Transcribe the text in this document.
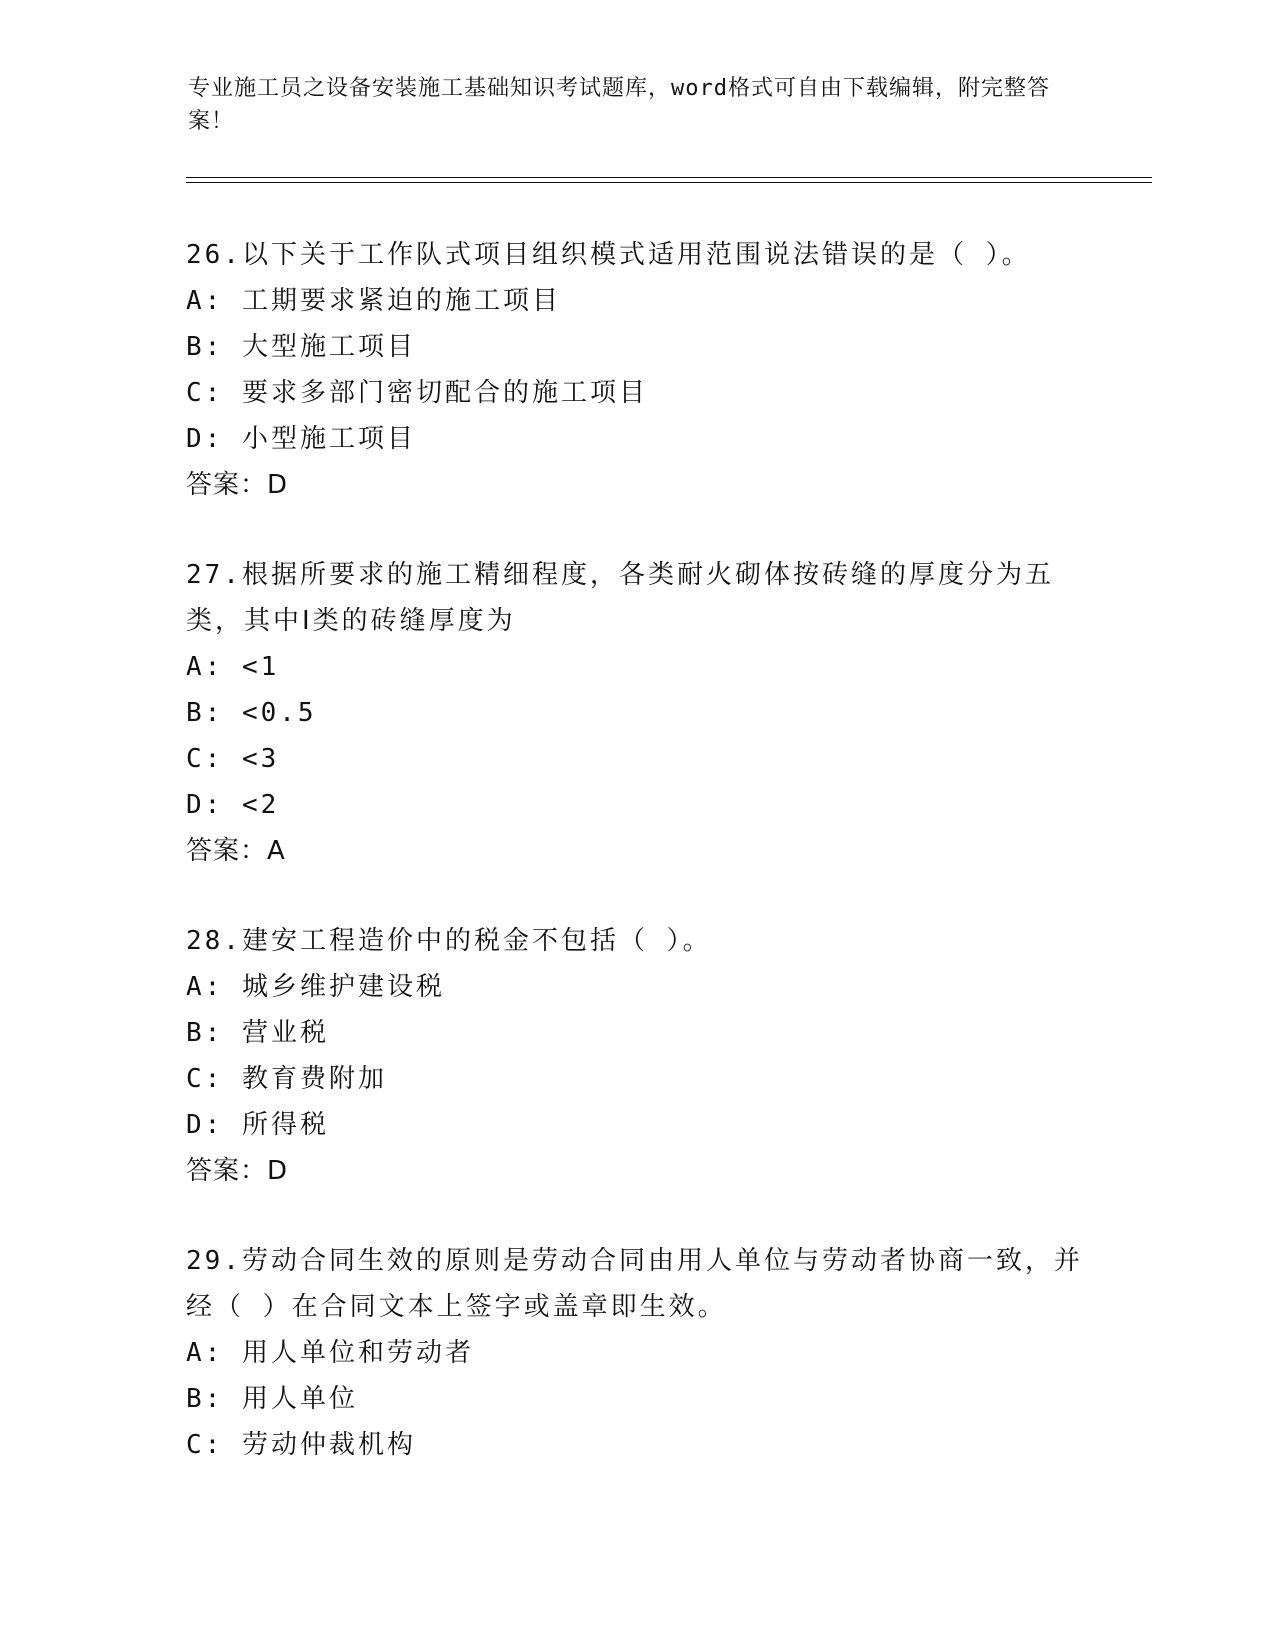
专业施工员之设备安装施工基础知识考试题库，word格式可自由下载编辑，附完整答案！
26.以下关于工作队式项目组织模式适用范围说法错误的是（ ）。
A: 工期要求紧迫的施工项目
B: 大型施工项目
C: 要求多部门密切配合的施工项目
D: 小型施工项目
答案：D
27.根据所要求的施工精细程度，各类耐火砌体按砖缝的厚度分为五类，其中Ⅰ类的砖缝厚度为
A: <1
B: <0.5
C: <3
D: <2
答案：A
28.建安工程造价中的税金不包括（ ）。
A: 城乡维护建设税
B: 营业税
C: 教育费附加
D: 所得税
答案：D
29.劳动合同生效的原则是劳动合同由用人单位与劳动者协商一致，并经（ ）在合同文本上签字或盖章即生效。
A: 用人单位和劳动者
B: 用人单位
C: 劳动仲裁机构
